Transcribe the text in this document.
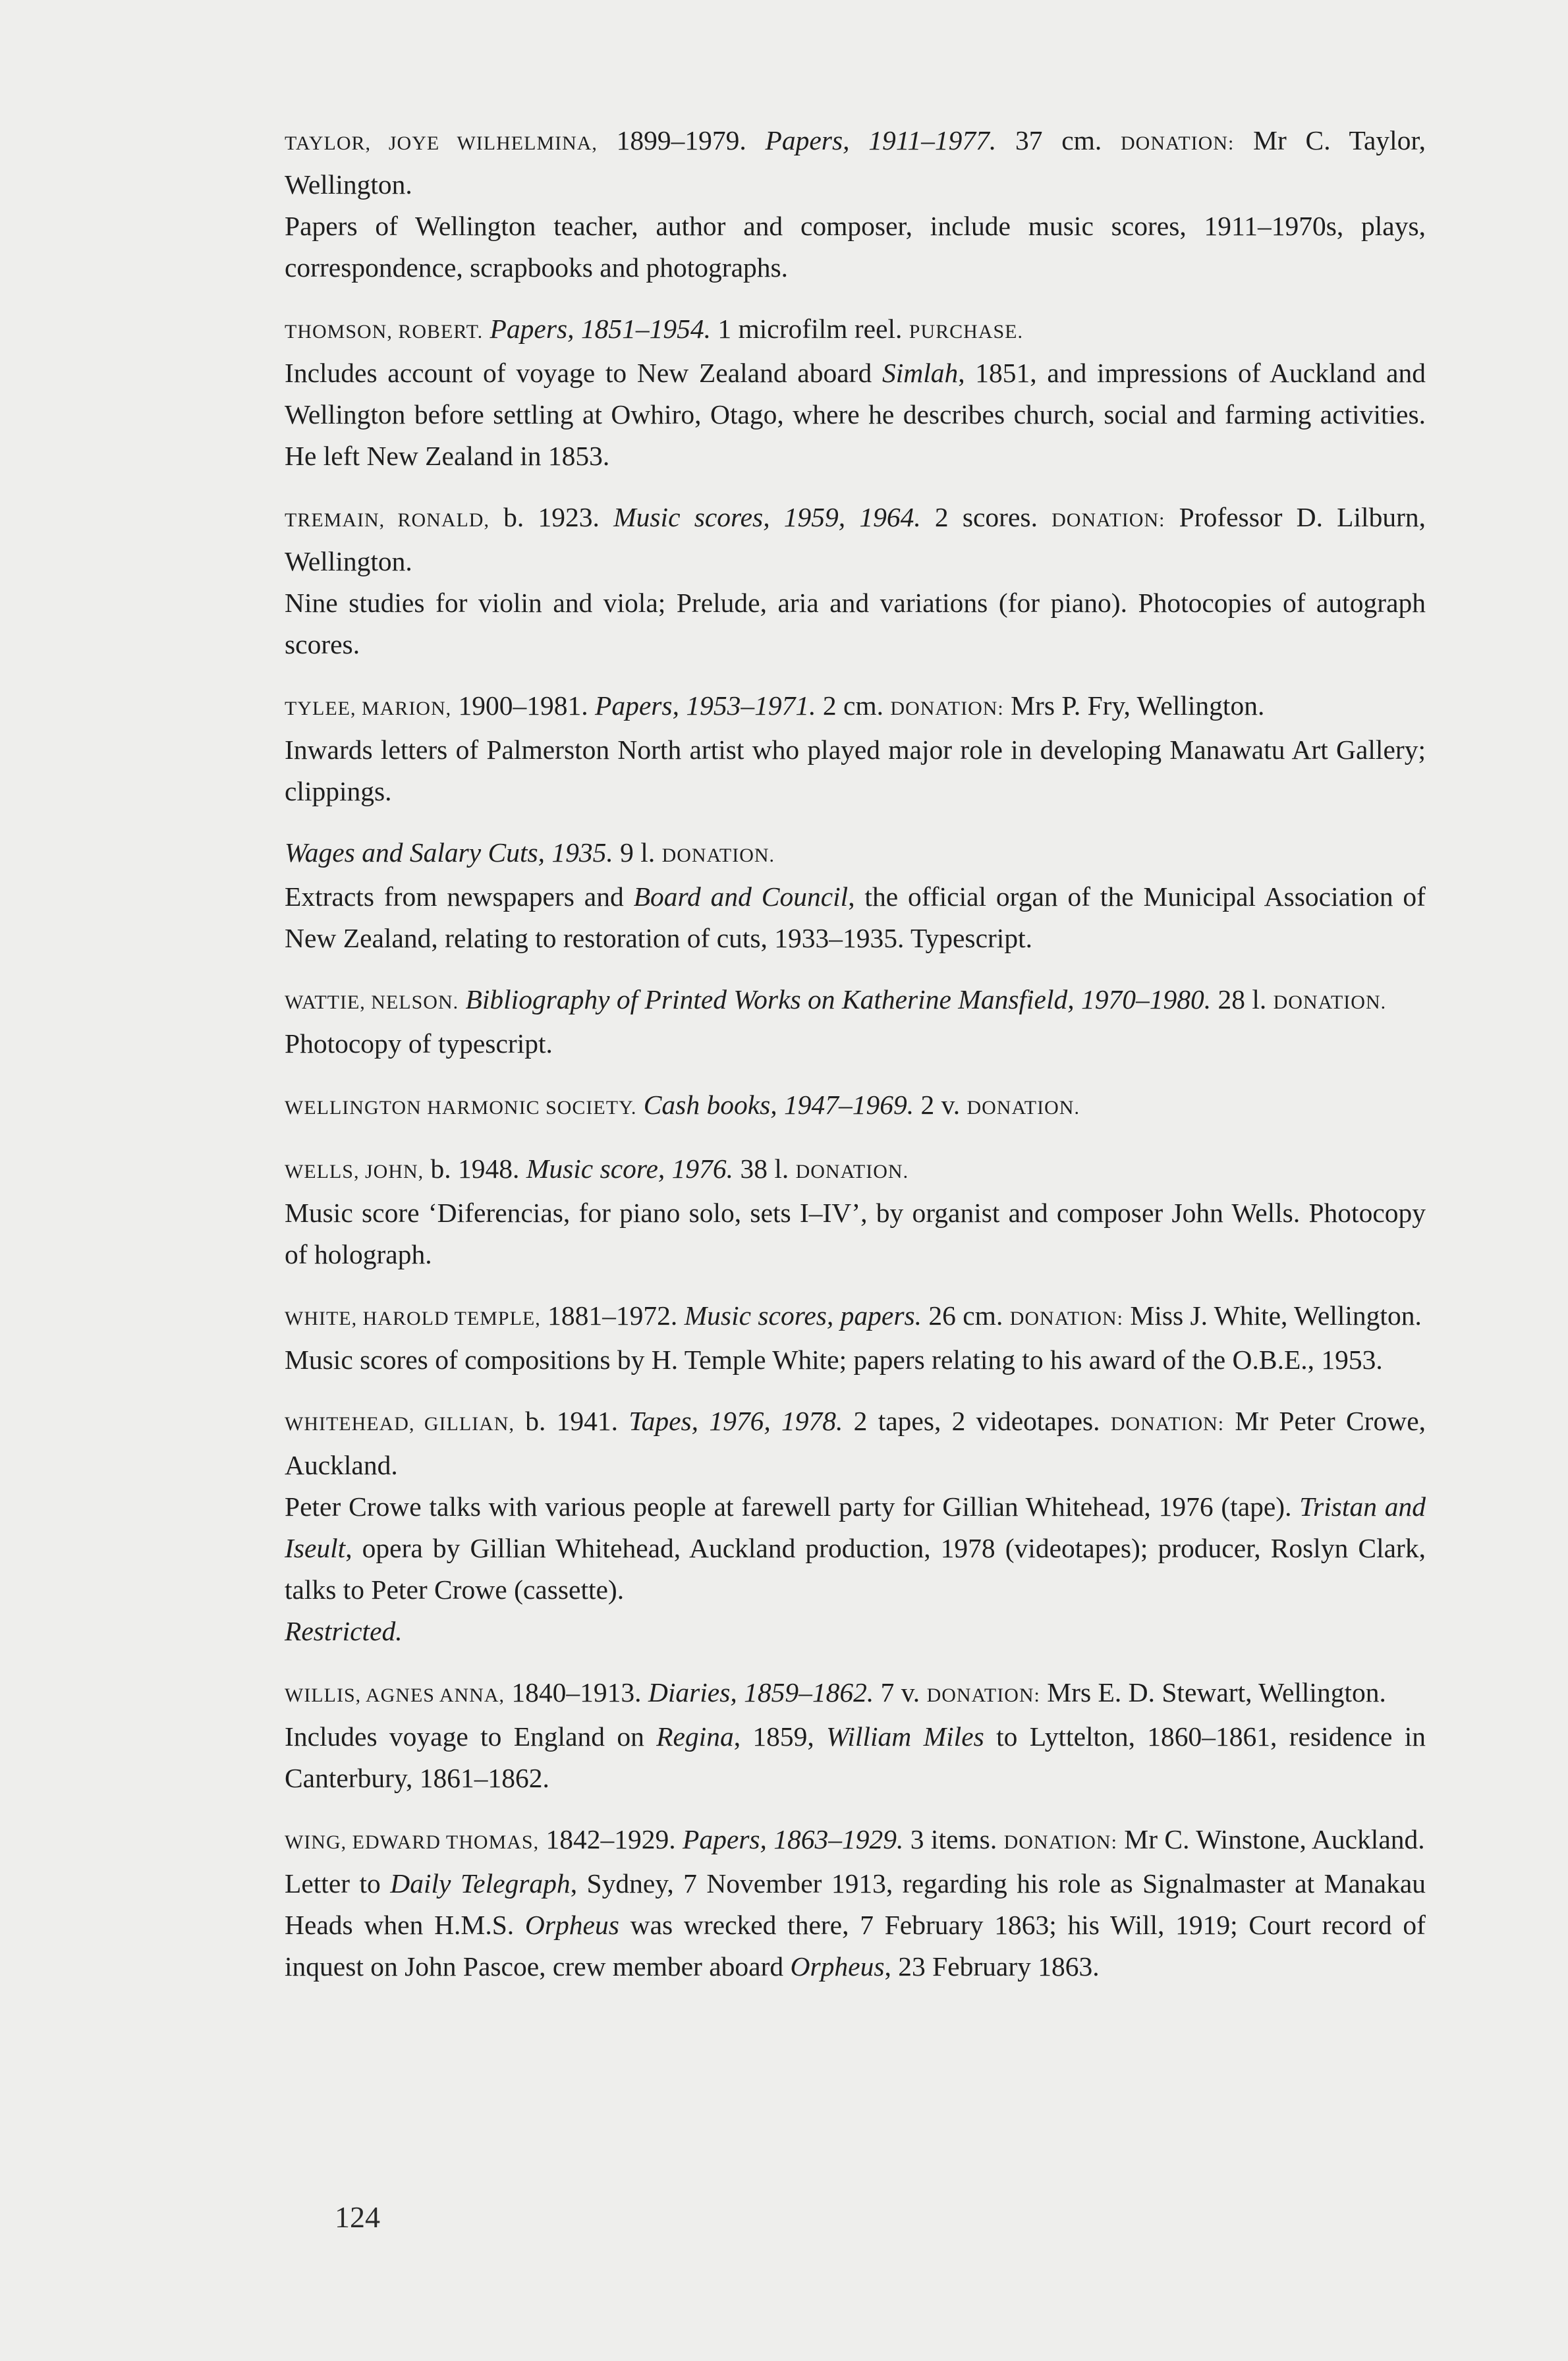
TAYLOR, JOYE WILHELMINA, 1899–1979. Papers, 1911–1977. 37 cm. DONATION: Mr C. Taylor, Wellington.

Papers of Wellington teacher, author and composer, include music scores, 1911–1970s, plays, correspondence, scrapbooks and photographs.

THOMSON, ROBERT. Papers, 1851–1954. 1 microfilm reel. PURCHASE.

Includes account of voyage to New Zealand aboard Simlah, 1851, and impressions of Auckland and Wellington before settling at Owhiro, Otago, where he describes church, social and farming activities. He left New Zealand in 1853.

TREMAIN, RONALD, b. 1923. Music scores, 1959, 1964. 2 scores. DONATION: Professor D. Lilburn, Wellington.

Nine studies for violin and viola; Prelude, aria and variations (for piano). Photocopies of autograph scores.

TYLEE, MARION, 1900–1981. Papers, 1953–1971. 2 cm. DONATION: Mrs P. Fry, Wellington.

Inwards letters of Palmerston North artist who played major role in developing Manawatu Art Gallery; clippings.

Wages and Salary Cuts, 1935. 9 l. DONATION.

Extracts from newspapers and Board and Council, the official organ of the Municipal Association of New Zealand, relating to restoration of cuts, 1933–1935. Typescript.

WATTIE, NELSON. Bibliography of Printed Works on Katherine Mansfield, 1970–1980. 28 l. DONATION.

Photocopy of typescript.

WELLINGTON HARMONIC SOCIETY. Cash books, 1947–1969. 2 v. DONATION.

WELLS, JOHN, b. 1948. Music score, 1976. 38 l. DONATION.

Music score ‘Diferencias, for piano solo, sets I–IV’, by organist and composer John Wells. Photocopy of holograph.

WHITE, HAROLD TEMPLE, 1881–1972. Music scores, papers. 26 cm. DONATION: Miss J. White, Wellington.

Music scores of compositions by H. Temple White; papers relating to his award of the O.B.E., 1953.

WHITEHEAD, GILLIAN, b. 1941. Tapes, 1976, 1978. 2 tapes, 2 videotapes. DONATION: Mr Peter Crowe, Auckland.

Peter Crowe talks with various people at farewell party for Gillian Whitehead, 1976 (tape). Tristan and Iseult, opera by Gillian Whitehead, Auckland production, 1978 (videotapes); producer, Roslyn Clark, talks to Peter Crowe (cassette).

Restricted.

WILLIS, AGNES ANNA, 1840–1913. Diaries, 1859–1862. 7 v. DONATION: Mrs E. D. Stewart, Wellington.

Includes voyage to England on Regina, 1859, William Miles to Lyttelton, 1860–1861, residence in Canterbury, 1861–1862.

WING, EDWARD THOMAS, 1842–1929. Papers, 1863–1929. 3 items. DONATION: Mr C. Winstone, Auckland.

Letter to Daily Telegraph, Sydney, 7 November 1913, regarding his role as Signalmaster at Manakau Heads when H.M.S. Orpheus was wrecked there, 7 February 1863; his Will, 1919; Court record of inquest on John Pascoe, crew member aboard Orpheus, 23 February 1863.

124
